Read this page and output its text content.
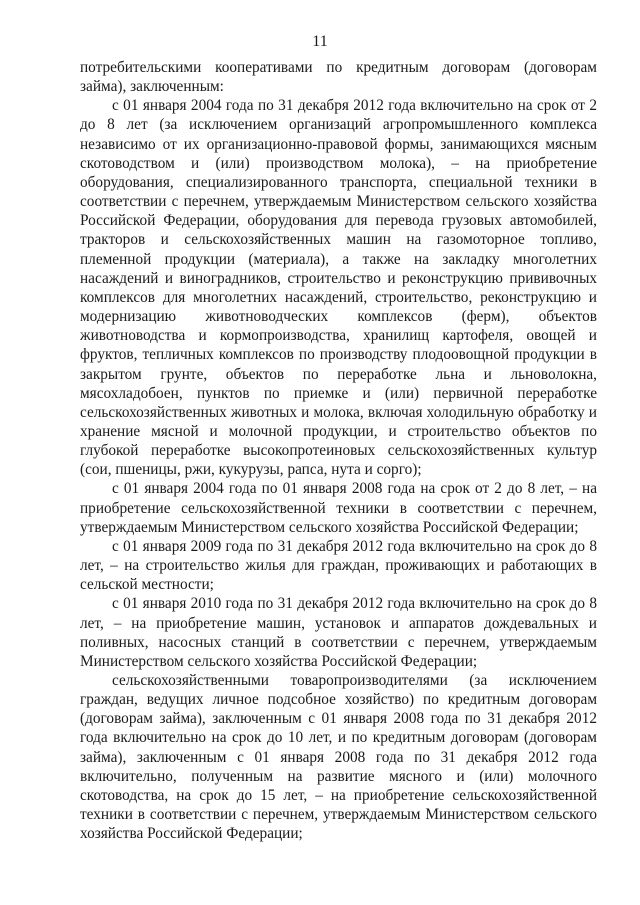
11

потребительскими кооперативами по кредитным договорам (договорам займа), заключенным:

с 01 января 2004 года по 31 декабря 2012 года включительно на срок от 2 до 8 лет (за исключением организаций агропромышленного комплекса независимо от их организационно-правовой формы, занимающихся мясным скотоводством и (или) производством молока), – на приобретение оборудования, специализированного транспорта, специальной техники в соответствии с перечнем, утверждаемым Министерством сельского хозяйства Российской Федерации, оборудования для перевода грузовых автомобилей, тракторов и сельскохозяйственных машин на газомоторное топливо, племенной продукции (материала), а также на закладку многолетних насаждений и виноградников, строительство и реконструкцию прививочных комплексов для многолетних насаждений, строительство, реконструкцию и модернизацию животноводческих комплексов (ферм), объектов животноводства и кормопроизводства, хранилищ картофеля, овощей и фруктов, тепличных комплексов по производству плодоовощной продукции в закрытом грунте, объектов по переработке льна и льноволокна, мясохладобоен, пунктов по приемке и (или) первичной переработке сельскохозяйственных животных и молока, включая холодильную обработку и хранение мясной и молочной продукции, и строительство объектов по глубокой переработке высокопротеиновых сельскохозяйственных культур (сои, пшеницы, ржи, кукурузы, рапса, нута и сорго);

с 01 января 2004 года по 01 января 2008 года на срок от 2 до 8 лет, – на приобретение сельскохозяйственной техники в соответствии с перечнем, утверждаемым Министерством сельского хозяйства Российской Федерации;

с 01 января 2009 года по 31 декабря 2012 года включительно на срок до 8 лет, – на строительство жилья для граждан, проживающих и работающих в сельской местности;

с 01 января 2010 года по 31 декабря 2012 года включительно на срок до 8 лет, – на приобретение машин, установок и аппаратов дождевальных и поливных, насосных станций в соответствии с перечнем, утверждаемым Министерством сельского хозяйства Российской Федерации;

сельскохозяйственными товаропроизводителями (за исключением граждан, ведущих личное подсобное хозяйство) по кредитным договорам (договорам займа), заключенным с 01 января 2008 года по 31 декабря 2012 года включительно на срок до 10 лет, и по кредитным договорам (договорам займа), заключенным с 01 января 2008 года по 31 декабря 2012 года включительно, полученным на развитие мясного и (или) молочного скотоводства, на срок до 15 лет, – на приобретение сельскохозяйственной техники в соответствии с перечнем, утверждаемым Министерством сельского хозяйства Российской Федерации;
